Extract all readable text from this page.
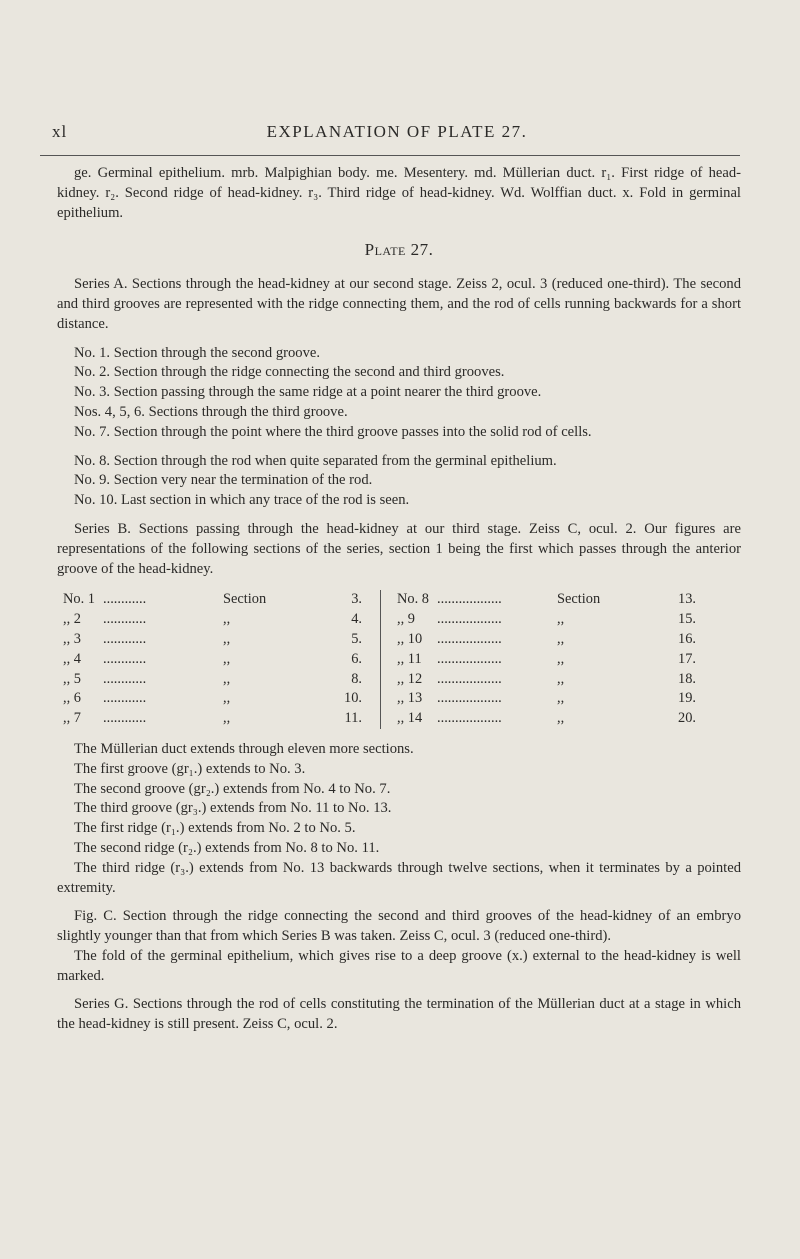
xl	EXPLANATION OF PLATE 27.

ge. Germinal epithelium. mrb. Malpighian body. me. Mesentery. md. Müllerian duct. r₁. First ridge of head-kidney. r₂. Second ridge of head-kidney. r₃. Third ridge of head-kidney. Wd. Wolffian duct. x. Fold in germinal epithelium.

Plate 27.

Series A. Sections through the head-kidney at our second stage. Zeiss 2, ocul. 3 (reduced one-third). The second and third grooves are represented with the ridge connecting them, and the rod of cells running backwards for a short distance.

No. 1. Section through the second groove.

No. 2. Section through the ridge connecting the second and third grooves.

No. 3. Section passing through the same ridge at a point nearer the third groove.

Nos. 4, 5, 6. Sections through the third groove.

No. 7. Section through the point where the third groove passes into the solid rod of cells.

No. 8. Section through the rod when quite separated from the germinal epithelium.

No. 9. Section very near the termination of the rod.

No. 10. Last section in which any trace of the rod is seen.

Series B. Sections passing through the head-kidney at our third stage. Zeiss C, ocul. 2. Our figures are representations of the following sections of the series, section 1 being the first which passes through the anterior groove of the head-kidney.

No. 1	............	Section	3.			No. 8	..................	Section	13.
,, 2	............	,,	4.			,, 9	..................	,,	15.
,, 3	............	,,	5.			,, 10	..................	,,	16.
,, 4	............	,,	6.			,, 11	..................	,,	17.
,, 5	............	,,	8.			,, 12	..................	,,	18.
,, 6	............	,,	10.			,, 13	..................	,,	19.
,, 7	............	,,	11.			,, 14	..................	,,	20.

The Müllerian duct extends through eleven more sections.

The first groove (gr₁.) extends to No. 3.

The second groove (gr₂.) extends from No. 4 to No. 7.

The third groove (gr₃.) extends from No. 11 to No. 13.

The first ridge (r₁.) extends from No. 2 to No. 5.

The second ridge (r₂.) extends from No. 8 to No. 11.

The third ridge (r₃.) extends from No. 13 backwards through twelve sections, when it terminates by a pointed extremity.

Fig. C. Section through the ridge connecting the second and third grooves of the head-kidney of an embryo slightly younger than that from which Series B was taken. Zeiss C, ocul. 3 (reduced one-third).

The fold of the germinal epithelium, which gives rise to a deep groove (x.) external to the head-kidney is well marked.

Series G. Sections through the rod of cells constituting the termination of the Müllerian duct at a stage in which the head-kidney is still present. Zeiss C, ocul. 2.
